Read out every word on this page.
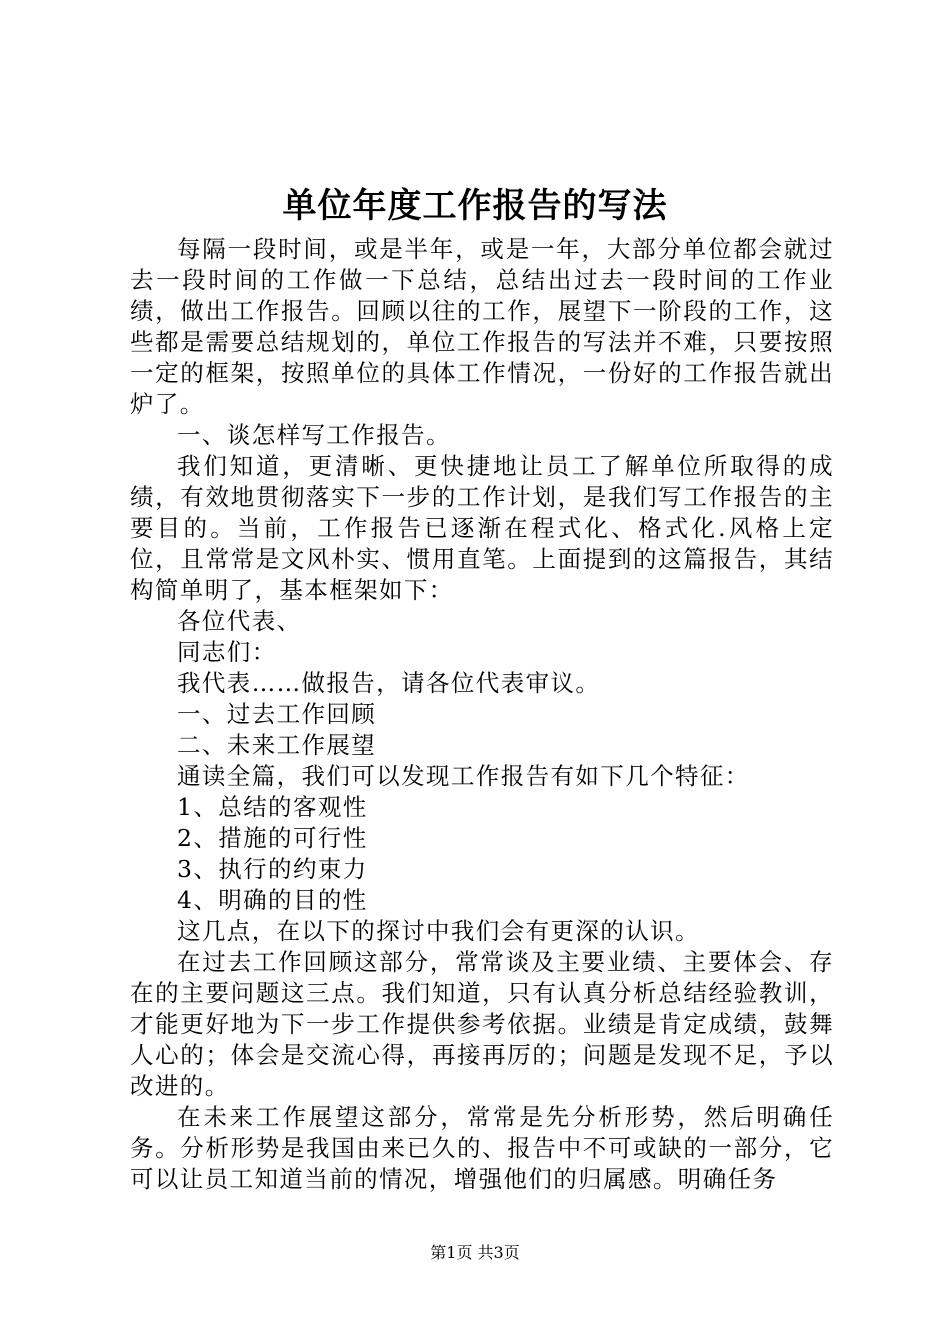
单位年度工作报告的写法

每隔一段时间，或是半年，或是一年，大部分单位都会就过去一段时间的工作做一下总结，总结出过去一段时间的工作业绩，做出工作报告。回顾以往的工作，展望下一阶段的工作，这些都是需要总结规划的，单位工作报告的写法并不难，只要按照一定的框架，按照单位的具体工作情况，一份好的工作报告就出炉了。

一、谈怎样写工作报告。

我们知道，更清晰、更快捷地让员工了解单位所取得的成绩，有效地贯彻落实下一步的工作计划，是我们写工作报告的主要目的。当前，工作报告已逐渐在程式化、格式化.风格上定位，且常常是文风朴实、惯用直笔。上面提到的这篇报告，其结构简单明了，基本框架如下：

各位代表、

同志们：

我代表……做报告，请各位代表审议。

一、过去工作回顾

二、未来工作展望

通读全篇，我们可以发现工作报告有如下几个特征：

1、总结的客观性

2、措施的可行性

3、执行的约束力

4、明确的目的性

这几点，在以下的探讨中我们会有更深的认识。

在过去工作回顾这部分，常常谈及主要业绩、主要体会、存在的主要问题这三点。我们知道，只有认真分析总结经验教训，才能更好地为下一步工作提供参考依据。业绩是肯定成绩，鼓舞人心的；体会是交流心得，再接再厉的；问题是发现不足，予以改进的。

在未来工作展望这部分，常常是先分析形势，然后明确任务。分析形势是我国由来已久的、报告中不可或缺的一部分，它可以让员工知道当前的情况，增强他们的归属感。明确任务

第1页 共3页
